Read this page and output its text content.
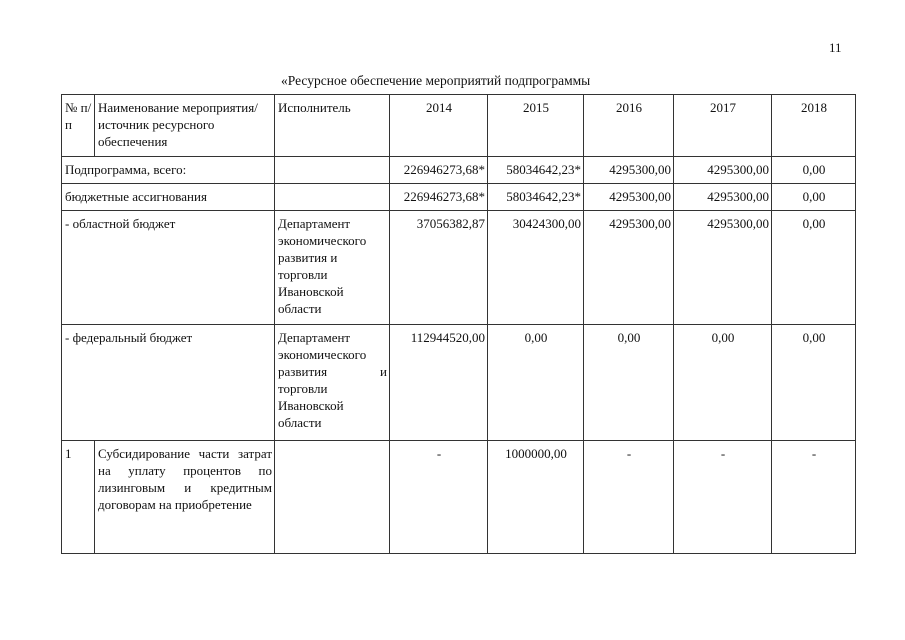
11
«Ресурсное обеспечение мероприятий подпрограммы
№ п/п	Наименование мероприятия/источник ресурсного обеспечения	Исполнитель	2014	2015	2016	2017	2018
Подпрограмма, всего:			226946273,68*	58034642,23*	4295300,00	4295300,00	0,00
бюджетные ассигнования			226946273,68*	58034642,23*	4295300,00	4295300,00	0,00
- областной бюджет		Департамент экономического развития и торговли Ивановской области	37056382,87	30424300,00	4295300,00	4295300,00	0,00
- федеральный бюджет		Департамент экономического развития и торговли Ивановской области	112944520,00	0,00	0,00	0,00	0,00
1	Субсидирование части затрат на уплату процентов по лизинговым и кредитным договорам на приобретение		-	1000000,00	-	-	-
